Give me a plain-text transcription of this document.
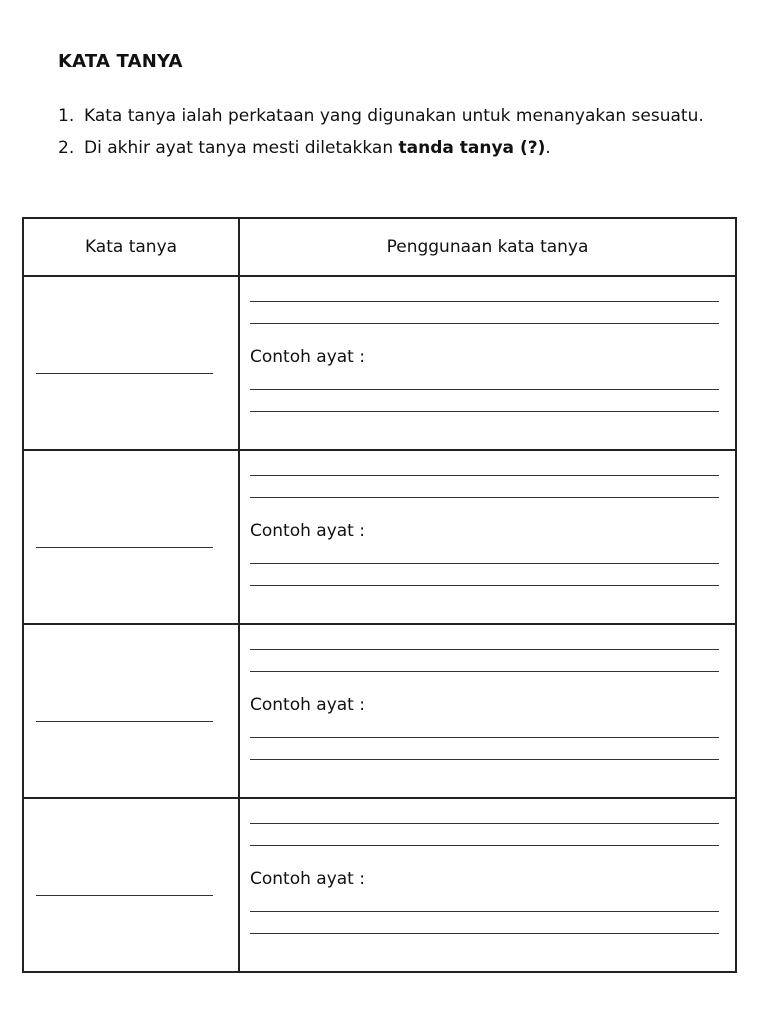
KATA TANYA
1. Kata tanya ialah perkataan yang digunakan untuk menanyakan sesuatu.
2. Di akhir ayat tanya mesti diletakkan tanda tanya (?).
Kata tanya	Penggunaan kata tanya

	Contoh ayat :

	Contoh ayat :

	Contoh ayat :

	Contoh ayat :
